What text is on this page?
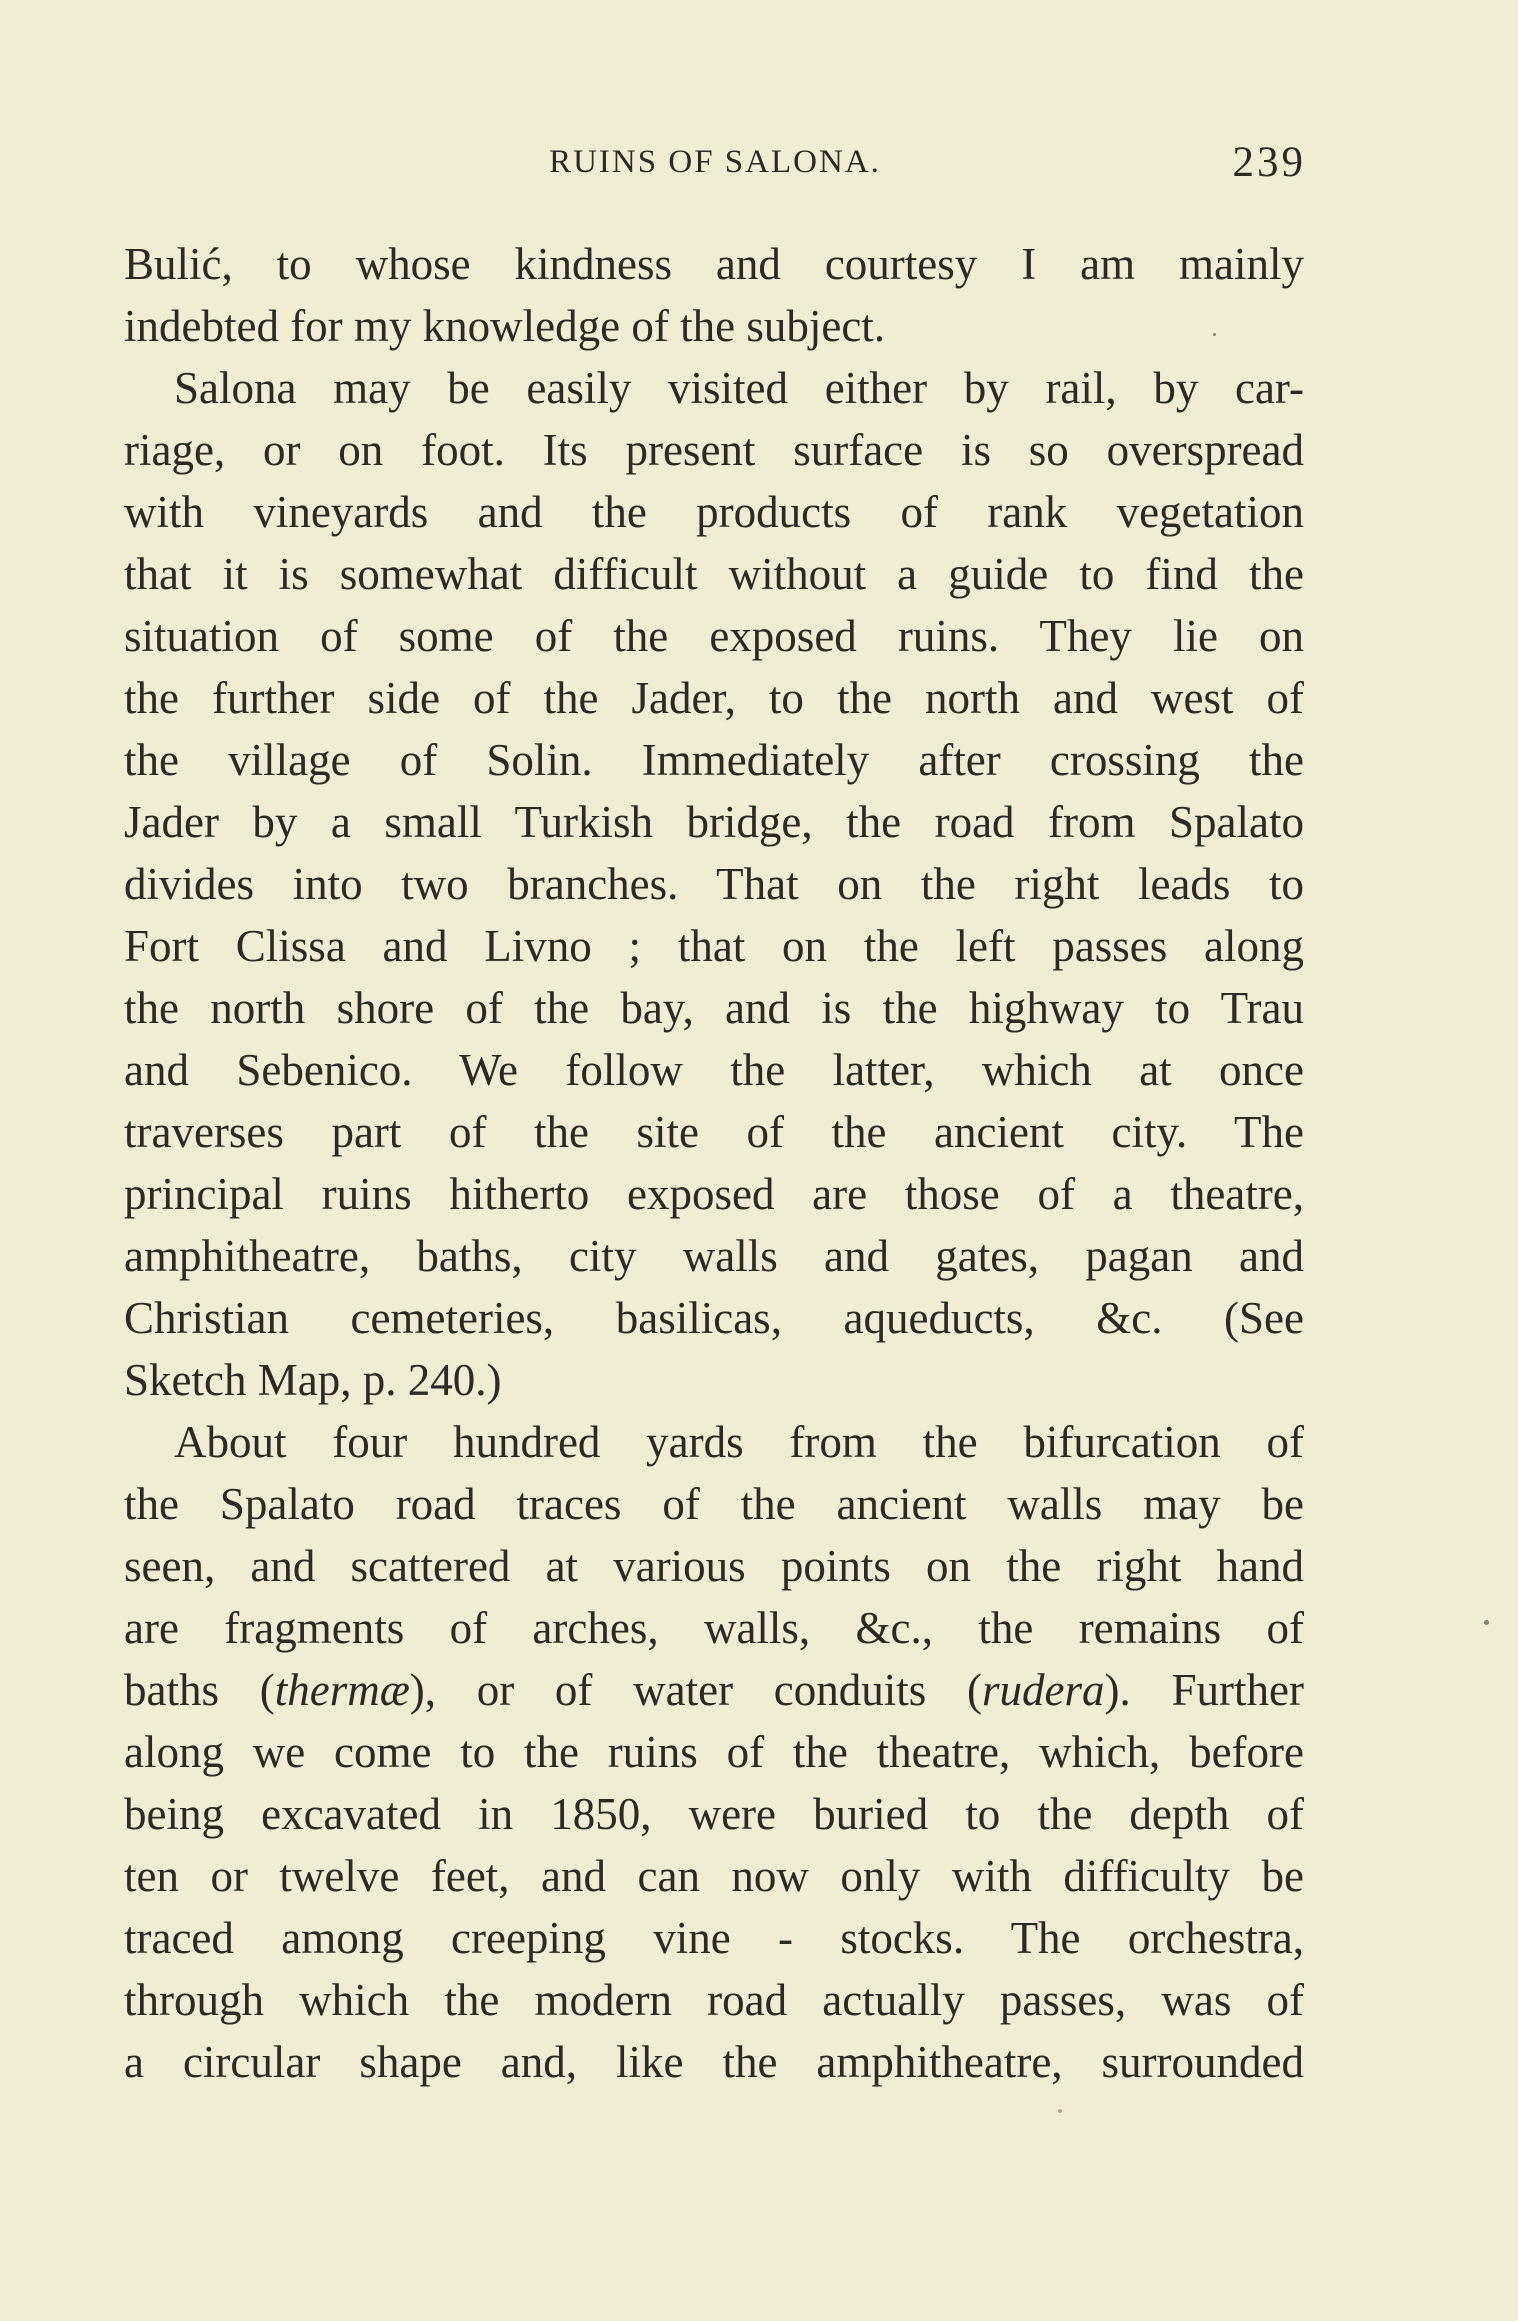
RUINS OF SALONA.	239
Bulić, to whose kindness and courtesy I am mainly
indebted for my knowledge of the subject.
Salona may be easily visited either by rail, by car-
riage, or on foot. Its present surface is so overspread
with vineyards and the products of rank vegetation
that it is somewhat difficult without a guide to find the
situation of some of the exposed ruins. They lie on
the further side of the Jader, to the north and west of
the village of Solin. Immediately after crossing the
Jader by a small Turkish bridge, the road from Spalato
divides into two branches. That on the right leads to
Fort Clissa and Livno ; that on the left passes along
the north shore of the bay, and is the highway to Trau
and Sebenico. We follow the latter, which at once
traverses part of the site of the ancient city. The
principal ruins hitherto exposed are those of a theatre,
amphitheatre, baths, city walls and gates, pagan and
Christian cemeteries, basilicas, aqueducts, &c. (See
Sketch Map, p. 240.)
About four hundred yards from the bifurcation of
the Spalato road traces of the ancient walls may be
seen, and scattered at various points on the right hand
are fragments of arches, walls, &c., the remains of
baths (thermæ), or of water conduits (rudera). Further
along we come to the ruins of the theatre, which, before
being excavated in 1850, were buried to the depth of
ten or twelve feet, and can now only with difficulty be
traced among creeping vine - stocks. The orchestra,
through which the modern road actually passes, was of
a circular shape and, like the amphitheatre, surrounded
